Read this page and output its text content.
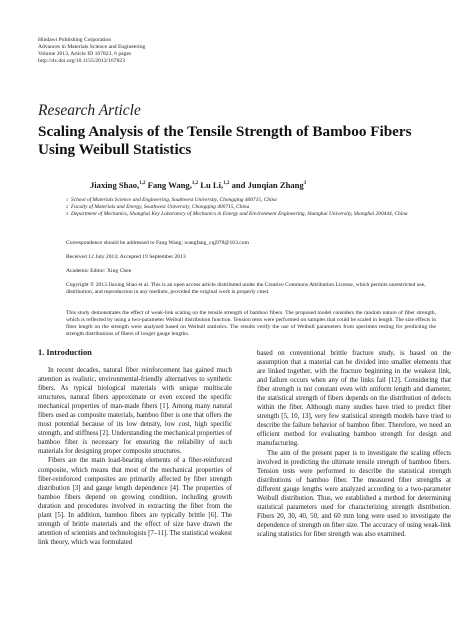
Hindawi Publishing Corporation
Advances in Materials Science and Engineering
Volume 2013, Article ID 167823, 6 pages
http://dx.doi.org/10.1155/2013/167823
Research Article
Scaling Analysis of the Tensile Strength of Bamboo Fibers Using Weibull Statistics
Jiaxing Shao,$^{1,2}$ Fang Wang,$^{1,2}$ Lu Li,$^{1,2}$ and Junqian Zhang$^3$
1 School of Materials Science and Engineering, Southwest University, Chongqing 400715, China
2 Faculty of Materials and Energy, Southwest University, Chongqing 400715, China
3 Department of Mechanics, Shanghai Key Laboratory of Mechanics in Energy and Environment Engineering, Shanghai University, Shanghai 200444, China
Correspondence should be addressed to Fang Wang; wangfang_cqj978@163.com
Received 12 July 2013; Accepted 19 September 2013
Academic Editor: Xing Chen
Copyright © 2013 Jiaxing Shao et al. This is an open access article distributed under the Creative Commons Attribution License, which permits unrestricted use, distribution, and reproduction in any medium, provided the original work is properly cited.
This study demonstrates the effect of weak-link scaling on the tensile strength of bamboo fibers. The proposed model considers the random nature of fiber strength, which is reflected by using a two-parameter Weibull distribution function. Tension tests were performed on samples that could be scaled in length. The size effects in fiber length on the strength were analyzed based on Weibull statistics. The results verify the use of Weibull parameters from specimen testing for predicting the strength distributions of fibers of longer gauge lengths.
1. Introduction

In recent decades, natural fiber reinforcement has gained much attention as realistic, environmental-friendly alternatives to synthetic fibers. As typical biological materials with unique multiscale structures, natural fibers approximate or even exceed the specific mechanical properties of man-made fibers [1]. Among many natural fibers used as composite materials, bamboo fiber is one that offers the most potential because of its low density, low cost, high specific strength, and stiffness [2]. Understanding the mechanical properties of bamboo fiber is necessary for ensuring the reliability of such materials for designing proper composite structures.

Fibers are the main load-bearing elements of a fiber-reinforced composite, which means that most of the mechanical properties of fiber-reinforced composites are primarily affected by fiber strength distribution [3] and gauge length dependence [4]. The properties of bamboo fibers depend on growing condition, including growth duration and procedures involved in extracting the fiber from the plant [5]. In addition, bamboo fibers are typically brittle [6]. The strength of brittle materials and the effect of size have drawn the attention of scientists and technologists [7–11]. The statistical weakest link theory, which was formulated

based on conventional brittle fracture study, is based on the assumption that a material can be divided into smaller elements that are linked together, with the fracture beginning in the weakest link, and failure occurs when any of the links fail [12]. Considering that fiber strength is not constant even with uniform length and diameter, the statistical strength of fibers depends on the distribution of defects within the fiber. Although many studies have tried to predict fiber strength [5, 10, 13], very few statistical strength models have tried to describe the failure behavior of bamboo fiber. Therefore, we need an efficient method for evaluating bamboo strength for design and manufacturing.

The aim of the present paper is to investigate the scaling effects involved in predicting the ultimate tensile strength of bamboo fibers. Tension tests were performed to describe the statistical strength distributions of bamboo fiber. The measured fiber strengths at different gauge lengths were analyzed according to a two-parameter Weibull distribution. Thus, we established a method for determining statistical parameters used for characterizing strength distribution. Fibers 20, 30, 40, 50, and 60 mm long were used to investigate the dependence of strength on fiber size. The accuracy of using weak-link scaling statistics for fiber strength was also examined.
